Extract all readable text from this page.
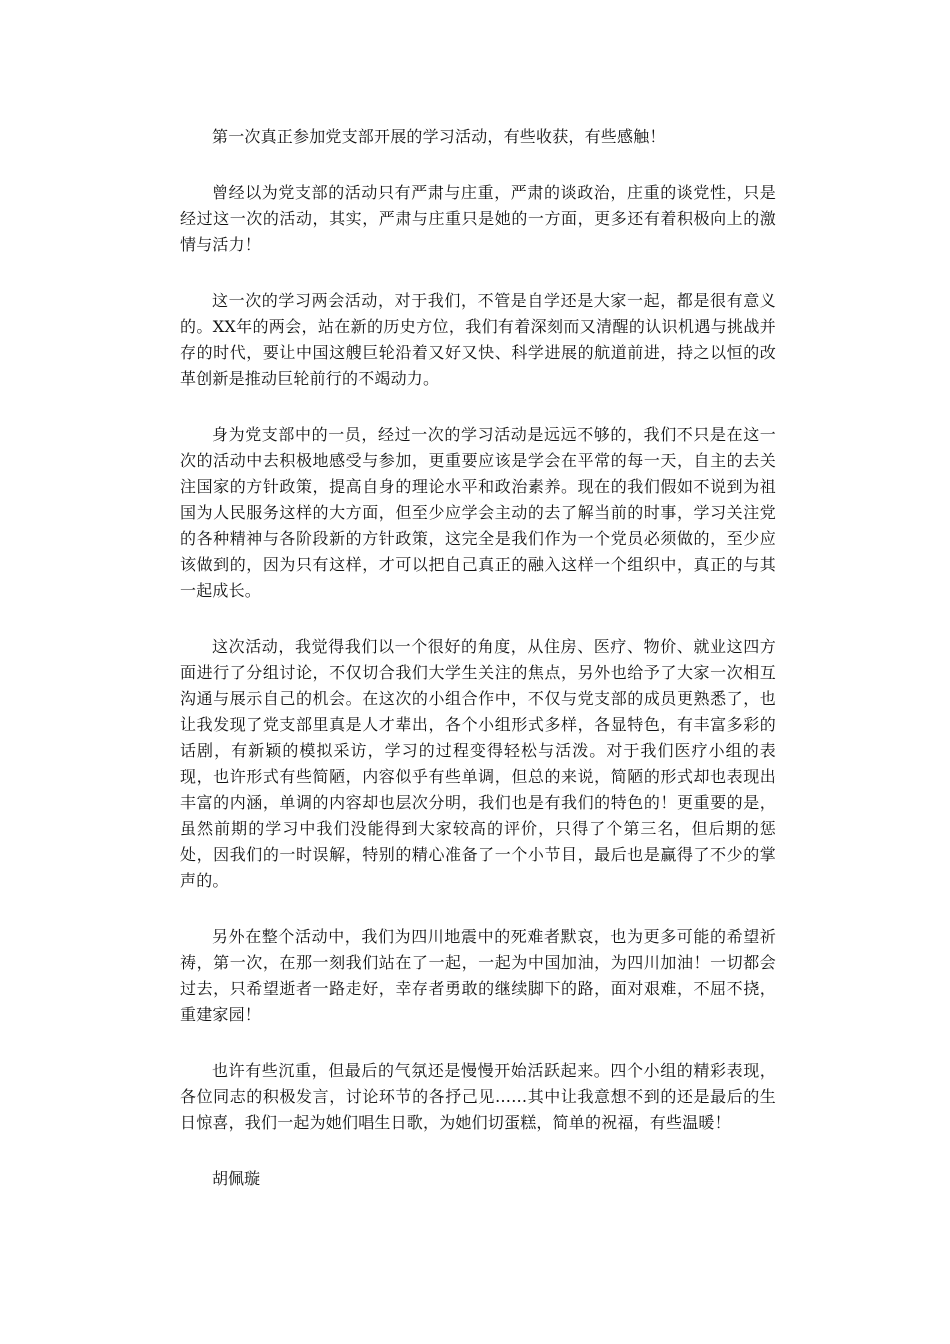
第一次真正参加党支部开展的学习活动，有些收获，有些感触！

曾经以为党支部的活动只有严肃与庄重，严肃的谈政治，庄重的谈党性，只是经过这一次的活动，其实，严肃与庄重只是她的一方面，更多还有着积极向上的激情与活力！

这一次的学习两会活动，对于我们，不管是自学还是大家一起，都是很有意义的。XX年的两会，站在新的历史方位，我们有着深刻而又清醒的认识机遇与挑战并存的时代，要让中国这艘巨轮沿着又好又快、科学进展的航道前进，持之以恒的改革创新是推动巨轮前行的不竭动力。

身为党支部中的一员，经过一次的学习活动是远远不够的，我们不只是在这一次的活动中去积极地感受与参加，更重要应该是学会在平常的每一天，自主的去关注国家的方针政策，提高自身的理论水平和政治素养。现在的我们假如不说到为祖国为人民服务这样的大方面，但至少应学会主动的去了解当前的时事，学习关注党的各种精神与各阶段新的方针政策，这完全是我们作为一个党员必须做的，至少应该做到的，因为只有这样，才可以把自己真正的融入这样一个组织中，真正的与其一起成长。

这次活动，我觉得我们以一个很好的角度，从住房、医疗、物价、就业这四方面进行了分组讨论，不仅切合我们大学生关注的焦点，另外也给予了大家一次相互沟通与展示自己的机会。在这次的小组合作中，不仅与党支部的成员更熟悉了，也让我发现了党支部里真是人才辈出，各个小组形式多样，各显特色，有丰富多彩的话剧，有新颖的模拟采访，学习的过程变得轻松与活泼。对于我们医疗小组的表现，也许形式有些简陋，内容似乎有些单调，但总的来说，简陋的形式却也表现出丰富的内涵，单调的内容却也层次分明，我们也是有我们的特色的！更重要的是，虽然前期的学习中我们没能得到大家较高的评价，只得了个第三名，但后期的惩处，因我们的一时误解，特别的精心准备了一个小节目，最后也是赢得了不少的掌声的。

另外在整个活动中，我们为四川地震中的死难者默哀，也为更多可能的希望祈祷，第一次，在那一刻我们站在了一起，一起为中国加油，为四川加油！一切都会过去，只希望逝者一路走好，幸存者勇敢的继续脚下的路，面对艰难，不屈不挠，重建家园！

也许有些沉重，但最后的气氛还是慢慢开始活跃起来。四个小组的精彩表现，各位同志的积极发言，讨论环节的各抒己见……其中让我意想不到的还是最后的生日惊喜，我们一起为她们唱生日歌，为她们切蛋糕，简单的祝福，有些温暖！

胡佩璇
